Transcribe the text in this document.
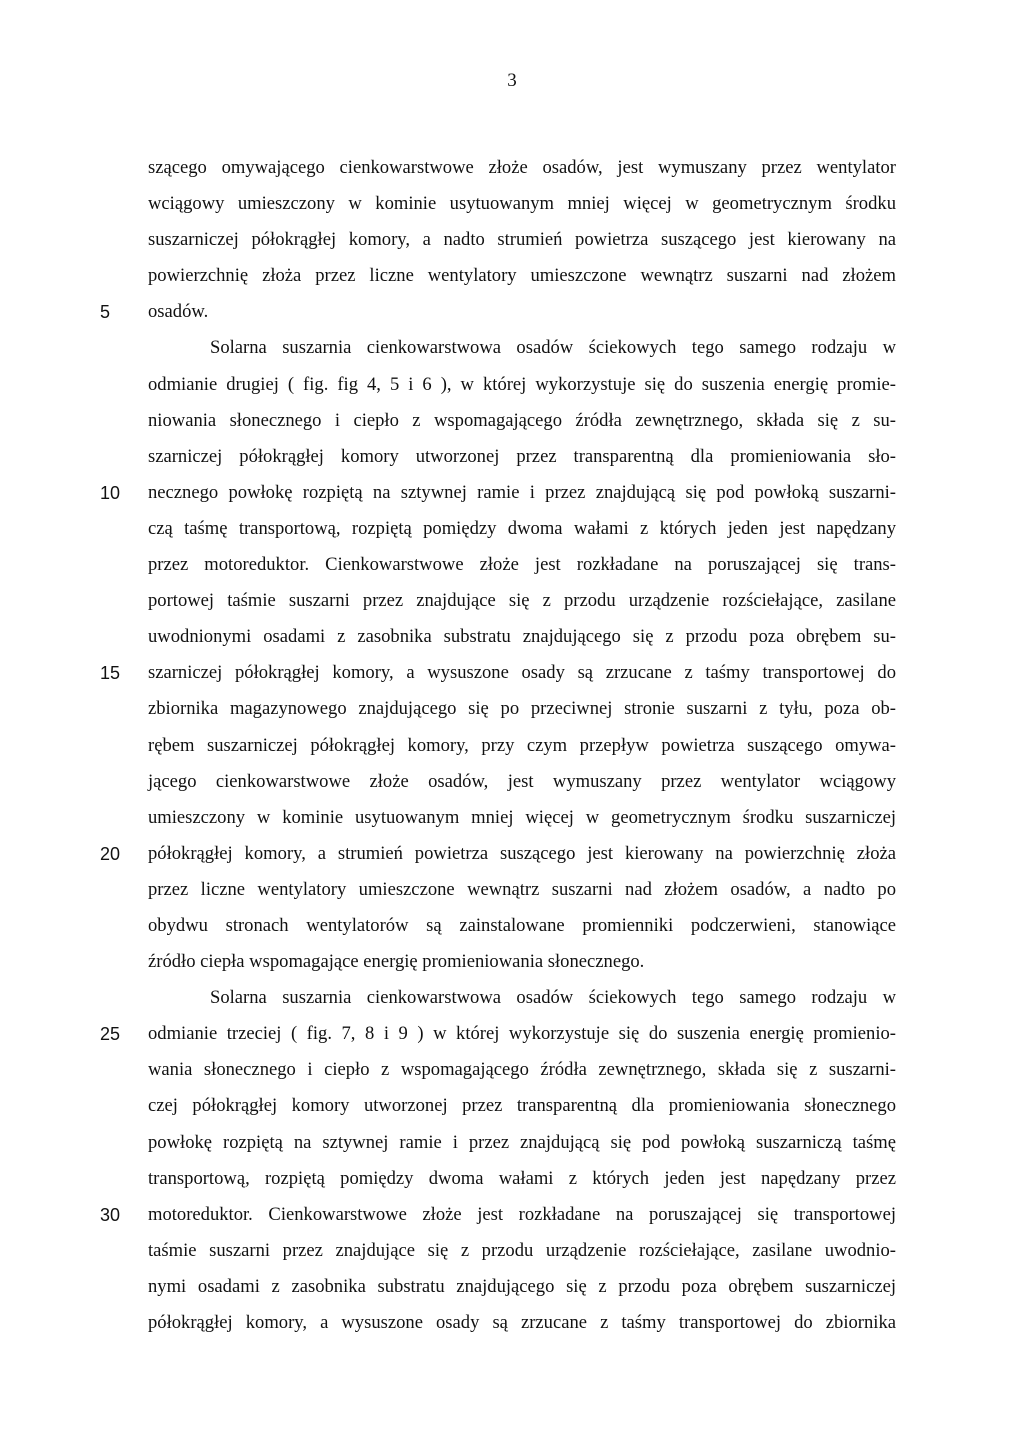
3
5
10
15
20
25
30
szącego omywającego cienkowarstwowe złoże osadów, jest wymuszany przez wentylator
wciągowy umieszczony w kominie usytuowanym mniej więcej w geometrycznym środku
suszarniczej półokrągłej komory, a nadto strumień powietrza suszącego jest kierowany na
powierzchnię złoża przez liczne wentylatory umieszczone wewnątrz suszarni nad złożem
osadów.
Solarna suszarnia cienkowarstwowa osadów ściekowych tego samego rodzaju w
odmianie drugiej ( fig. fig 4, 5 i 6 ), w której wykorzystuje się do suszenia energię promie-
niowania słonecznego i ciepło z wspomagającego źródła zewnętrznego, składa się z su-
szarniczej półokrągłej komory utworzonej przez transparentną dla promieniowania sło-
necznego powłokę rozpiętą na sztywnej ramie i przez znajdującą się pod powłoką suszarni-
czą taśmę transportową, rozpiętą pomiędzy dwoma wałami z których jeden jest napędzany
przez motoreduktor. Cienkowarstwowe złoże jest rozkładane na poruszającej się trans-
portowej taśmie suszarni przez znajdujące się z przodu urządzenie rozściełające, zasilane
uwodnionymi osadami z zasobnika substratu znajdującego się z przodu poza obrębem su-
szarniczej półokrągłej komory, a wysuszone osady są zrzucane z taśmy transportowej do
zbiornika magazynowego znajdującego się po przeciwnej stronie suszarni z tyłu, poza ob-
rębem suszarniczej półokrągłej komory, przy czym przepływ powietrza suszącego omywa-
jącego cienkowarstwowe złoże osadów, jest wymuszany przez wentylator wciągowy
umieszczony w kominie usytuowanym mniej więcej w geometrycznym środku suszarniczej
półokrągłej komory, a strumień powietrza suszącego jest kierowany na powierzchnię złoża
przez liczne wentylatory umieszczone wewnątrz suszarni nad złożem osadów, a nadto po
obydwu stronach wentylatorów są zainstalowane promienniki podczerwieni, stanowiące
źródło ciepła wspomagające energię promieniowania słonecznego.
Solarna suszarnia cienkowarstwowa osadów ściekowych tego samego rodzaju w
odmianie trzeciej ( fig. 7, 8 i 9 ) w której wykorzystuje się do suszenia energię promienio-
wania słonecznego i ciepło z wspomagającego źródła zewnętrznego, składa się z suszarni-
czej półokrągłej komory utworzonej przez transparentną dla promieniowania słonecznego
powłokę rozpiętą na sztywnej ramie i przez znajdującą się pod powłoką suszarniczą taśmę
transportową, rozpiętą pomiędzy dwoma wałami z których jeden jest napędzany przez
motoreduktor. Cienkowarstwowe złoże jest rozkładane na poruszającej się transportowej
taśmie suszarni przez znajdujące się z przodu urządzenie rozściełające, zasilane uwodnio-
nymi osadami z zasobnika substratu znajdującego się z przodu poza obrębem suszarniczej
półokrągłej komory, a wysuszone osady są zrzucane z taśmy transportowej do zbiornika
